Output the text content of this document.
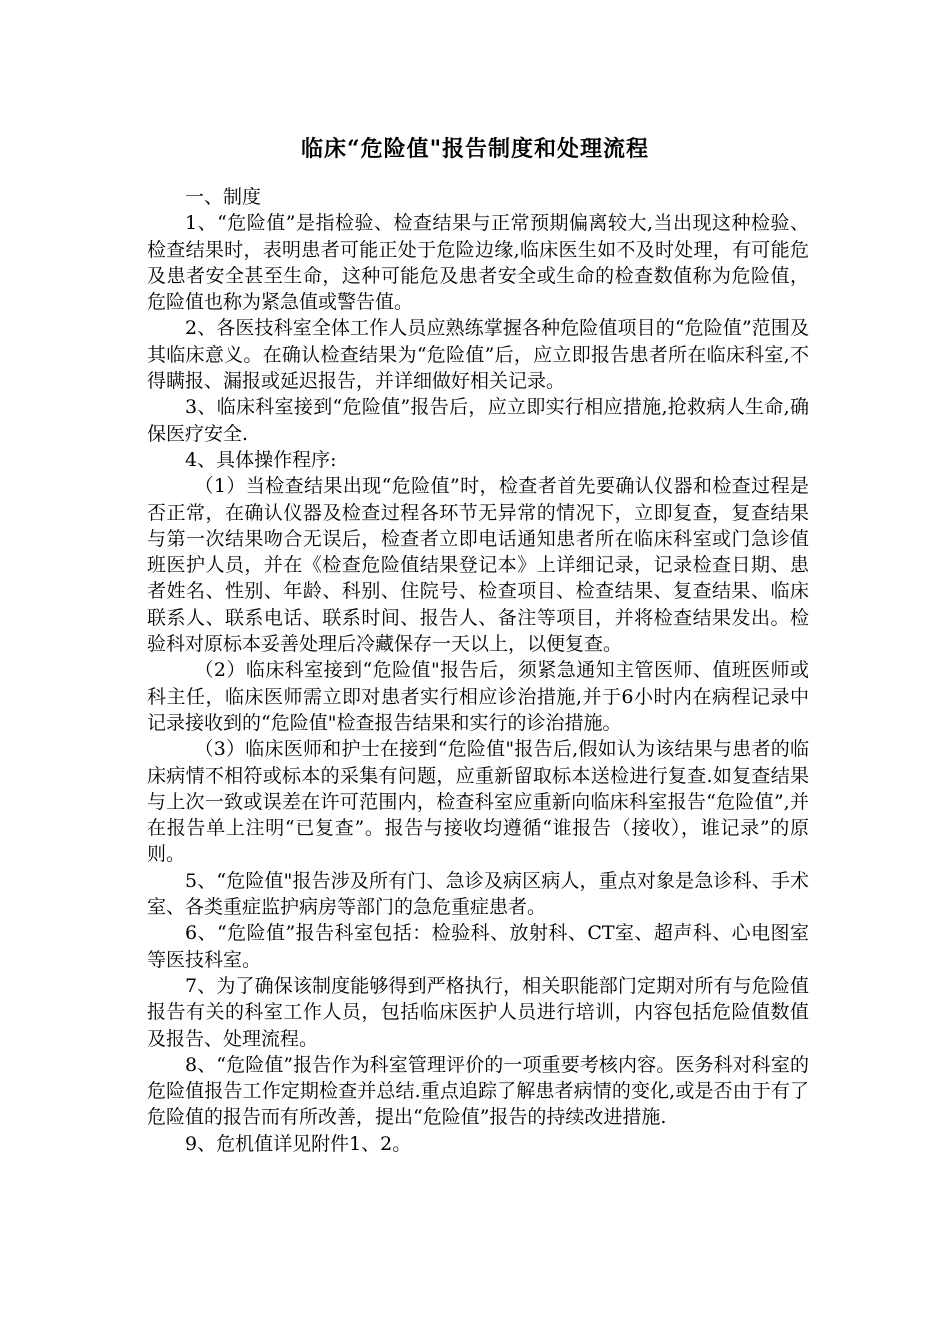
临床“危险值"报告制度和处理流程

一、制度

1、“危险值”是指检验、检查结果与正常预期偏离较大,当出现这种检验、检查结果时，表明患者可能正处于危险边缘,临床医生如不及时处理，有可能危及患者安全甚至生命，这种可能危及患者安全或生命的检查数值称为危险值，危险值也称为紧急值或警告值。

2、各医技科室全体工作人员应熟练掌握各种危险值项目的“危险值”范围及其临床意义。在确认检查结果为“危险值”后，应立即报告患者所在临床科室,不得瞒报、漏报或延迟报告，并详细做好相关记录。

3、临床科室接到“危险值”报告后，应立即实行相应措施,抢救病人生命,确保医疗安全.

4、具体操作程序:

（1）当检查结果出现“危险值”时，检查者首先要确认仪器和检查过程是否正常，在确认仪器及检查过程各环节无异常的情况下，立即复查，复查结果与第一次结果吻合无误后，检查者立即电话通知患者所在临床科室或门急诊值班医护人员，并在《检查危险值结果登记本》上详细记录，记录检查日期、患者姓名、性别、年龄、科别、住院号、检查项目、检查结果、复查结果、临床联系人、联系电话、联系时间、报告人、备注等项目，并将检查结果发出。检验科对原标本妥善处理后冷藏保存一天以上，以便复查。

（2）临床科室接到“危险值"报告后，须紧急通知主管医师、值班医师或科主任，临床医师需立即对患者实行相应诊治措施,并于6小时内在病程记录中记录接收到的“危险值"检查报告结果和实行的诊治措施。

（3）临床医师和护士在接到“危险值"报告后,假如认为该结果与患者的临床病情不相符或标本的采集有问题，应重新留取标本送检进行复查.如复查结果与上次一致或误差在许可范围内，检查科室应重新向临床科室报告“危险值”,并在报告单上注明“已复查”。报告与接收均遵循“谁报告（接收），谁记录”的原则。

5、“危险值"报告涉及所有门、急诊及病区病人，重点对象是急诊科、手术室、各类重症监护病房等部门的急危重症患者。

6、“危险值”报告科室包括：检验科、放射科、CT室、超声科、心电图室等医技科室。

7、为了确保该制度能够得到严格执行，相关职能部门定期对所有与危险值报告有关的科室工作人员，包括临床医护人员进行培训，内容包括危险值数值及报告、处理流程。

8、“危险值”报告作为科室管理评价的一项重要考核内容。医务科对科室的危险值报告工作定期检查并总结.重点追踪了解患者病情的变化,或是否由于有了危险值的报告而有所改善，提出“危险值”报告的持续改进措施.

9、危机值详见附件1、2。
